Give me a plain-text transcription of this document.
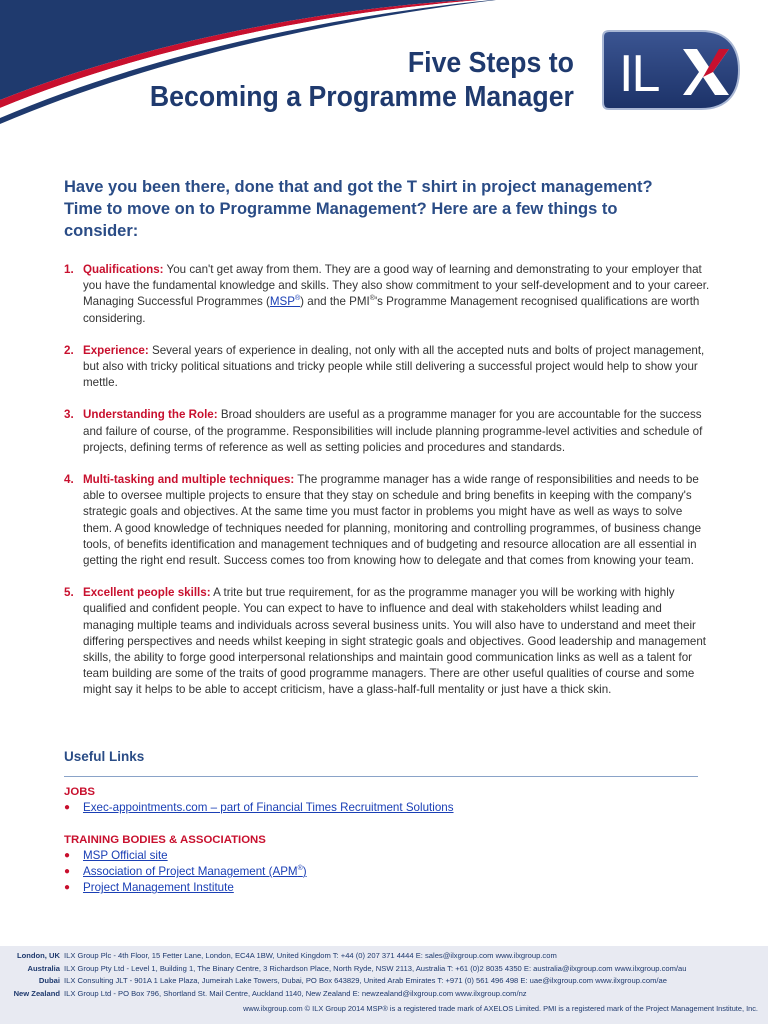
Five Steps to
Becoming a Programme Manager IL
Have you been there, done that and got the T shirt in project management? Time to move on to Programme Management? Here are a few things to consider:
1. Qualifications: You can't get away from them. They are a good way of learning and demonstrating to your employer that you have the fundamental knowledge and skills. They also show commitment to your self-development and to your career. Managing Successful Programmes (MSP®) and the PMI®'s Programme Management recognised qualifications are worth considering.
2. Experience: Several years of experience in dealing, not only with all the accepted nuts and bolts of project management, but also with tricky political situations and tricky people while still delivering a successful project would help to show your mettle.
3. Understanding the Role: Broad shoulders are useful as a programme manager for you are accountable for the success and failure of course, of the programme. Responsibilities will include planning programme-level activities and schedule of projects, defining terms of reference as well as setting policies and procedures and standards.
4. Multi-tasking and multiple techniques: The programme manager has a wide range of responsibilities and needs to be able to oversee multiple projects to ensure that they stay on schedule and bring benefits in keeping with the company's strategic goals and objectives. At the same time you must factor in problems you might have as well as ways to solve them. A good knowledge of techniques needed for planning, monitoring and controlling programmes, of business change tools, of benefits identification and management techniques and of budgeting and resource allocation are all essential in getting the right end result. Success comes too from knowing how to delegate and that comes from knowing your team.
5. Excellent people skills: A trite but true requirement, for as the programme manager you will be working with highly qualified and confident people. You can expect to have to influence and deal with stakeholders whilst leading and managing multiple teams and individuals across several business units. You will also have to understand and meet their differing perspectives and needs whilst keeping in sight strategic goals and objectives. Good leadership and management skills, the ability to forge good interpersonal relationships and maintain good communication links as well as a talent for team building are some of the traits of good programme managers. There are other useful qualities of course and some might say it helps to be able to accept criticism, have a glass-half-full mentality or just have a thick skin.
Useful Links
JOBS
● Exec-appointments.com – part of Financial Times Recruitment Solutions
TRAINING BODIES & ASSOCIATIONS
● MSP Official site
● Association of Project Management (APM®)
● Project Management Institute
London, UK ILX Group Plc - 4th Floor, 15 Fetter Lane, London, EC4A 1BW, United Kingdom T: +44 (0) 207 371 4444 E: sales@ilxgroup.com www.ilxgroup.com
Australia ILX Group Pty Ltd - Level 1, Building 1, The Binary Centre, 3 Richardson Place, North Ryde, NSW 2113, Australia T: +61 (0)2 8035 4350 E: australia@ilxgroup.com www.ilxgroup.com/au
Dubai ILX Consulting JLT - 901A 1 Lake Plaza, Jumeirah Lake Towers, Dubai, PO Box 643829, United Arab Emirates T: +971 (0) 561 496 498 E: uae@ilxgroup.com www.ilxgroup.com/ae
New Zealand ILX Group Ltd - PO Box 796, Shortland St. Mail Centre, Auckland 1140, New Zealand E: newzealand@ilxgroup.com www.ilxgroup.com/nz
www.ilxgroup.com © ILX Group 2014 MSP® is a registered trade mark of AXELOS Limited. PMI is a registered mark of the Project Management Institute, Inc.
